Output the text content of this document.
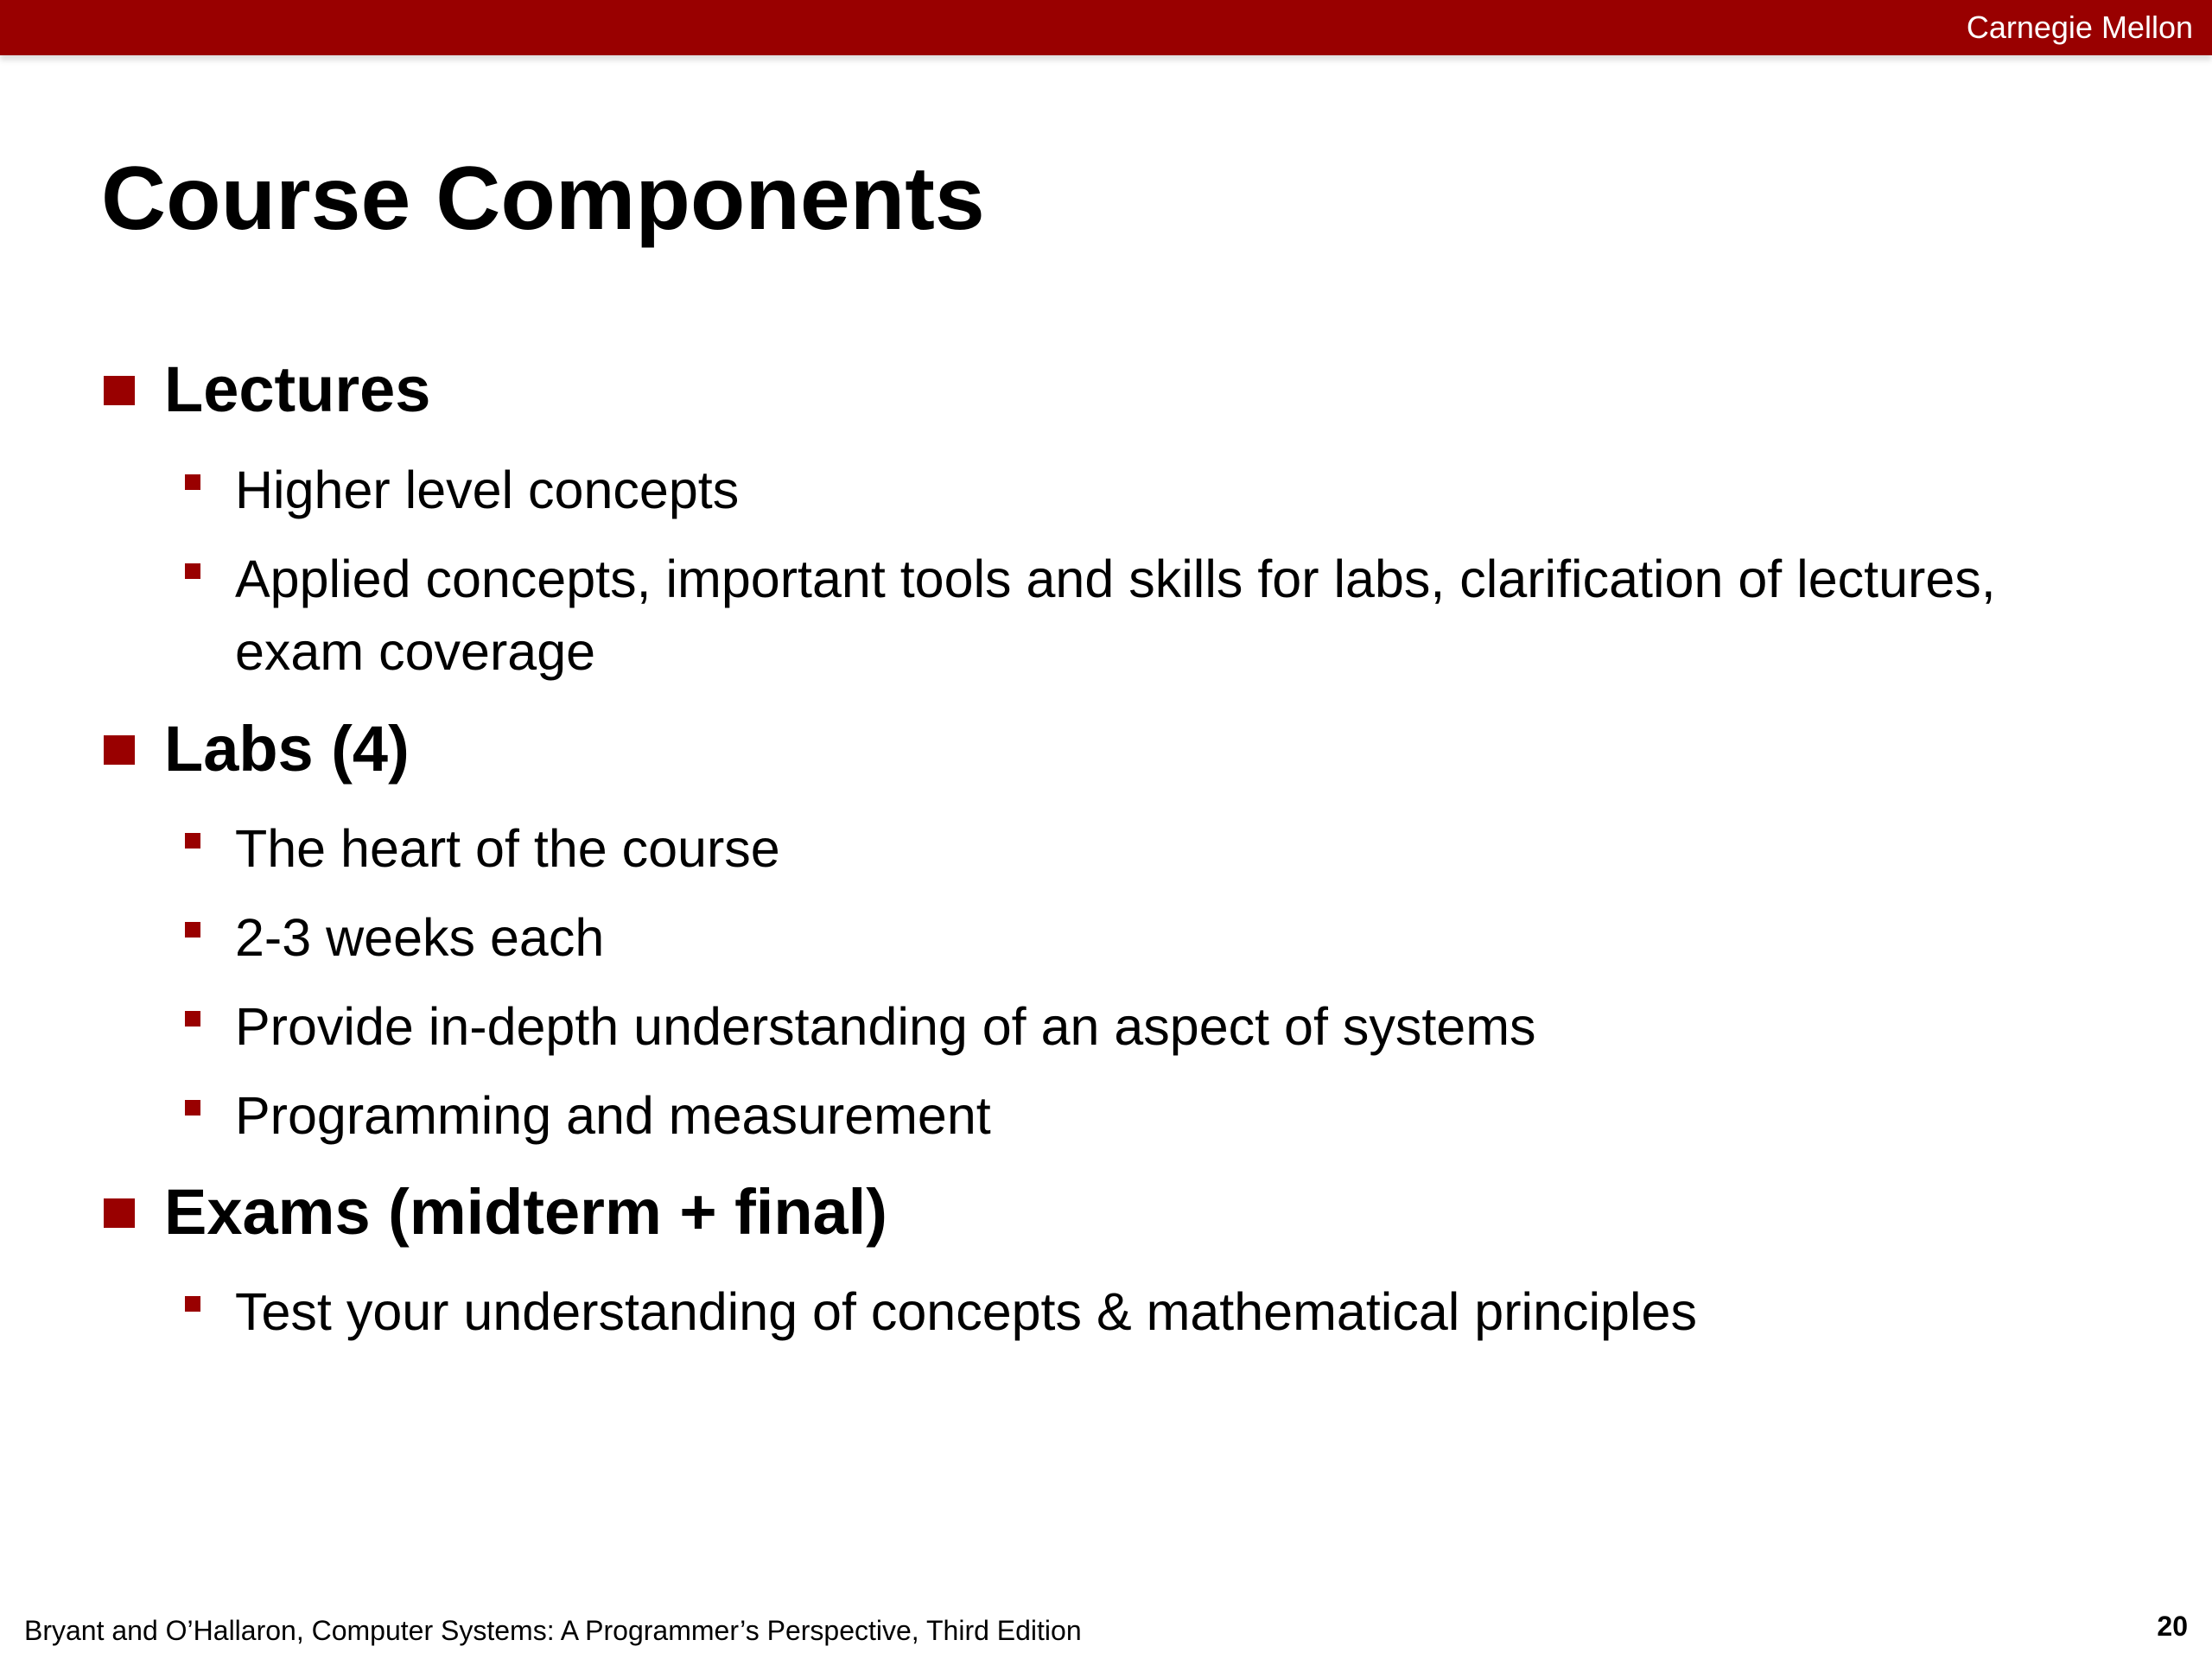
Carnegie Mellon
Course Components
Lectures
Higher level concepts
Applied concepts, important tools and skills for labs, clarification of lectures, exam coverage
Labs (4)
The heart of the course
2-3 weeks each
Provide in-depth understanding of an aspect of systems
Programming and measurement
Exams (midterm + final)
Test your understanding of concepts & mathematical principles
Bryant and O’Hallaron, Computer Systems: A Programmer’s Perspective, Third Edition	20
